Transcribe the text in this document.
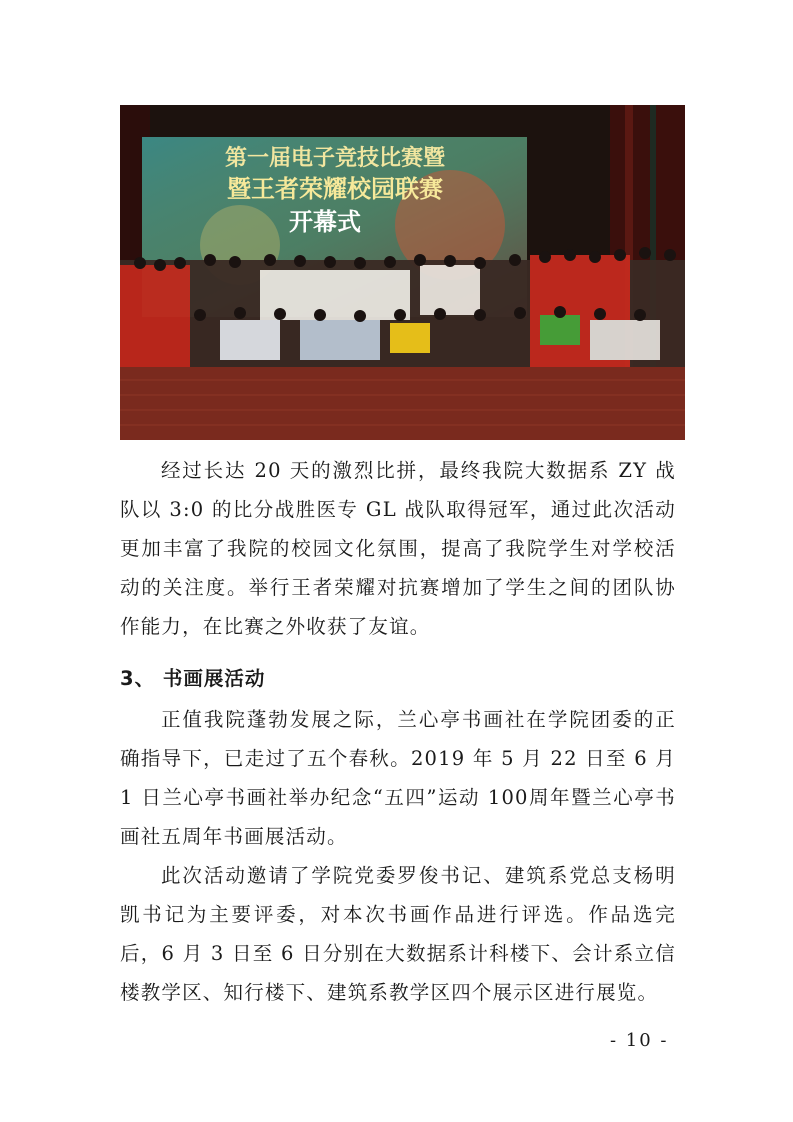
第一届电子竞技比赛暨
暨王者荣耀校园联赛
开幕式

经过长达 20 天的激烈比拼，最终我院大数据系 ZY 战队以 3:0 的比分战胜医专 GL 战队取得冠军，通过此次活动更加丰富了我院的校园文化氛围，提高了我院学生对学校活动的关注度。举行王者荣耀对抗赛增加了学生之间的团队协作能力，在比赛之外收获了友谊。

3、 书画展活动

正值我院蓬勃发展之际，兰心亭书画社在学院团委的正确指导下，已走过了五个春秋。2019 年 5 月 22 日至 6 月 1 日兰心亭书画社举办纪念“五四”运动 100周年暨兰心亭书画社五周年书画展活动。

此次活动邀请了学院党委罗俊书记、建筑系党总支杨明凯书记为主要评委，对本次书画作品进行评选。作品选完后，6 月 3 日至 6 日分别在大数据系计科楼下、会计系立信楼教学区、知行楼下、建筑系教学区四个展示区进行展览。

- 10 -
